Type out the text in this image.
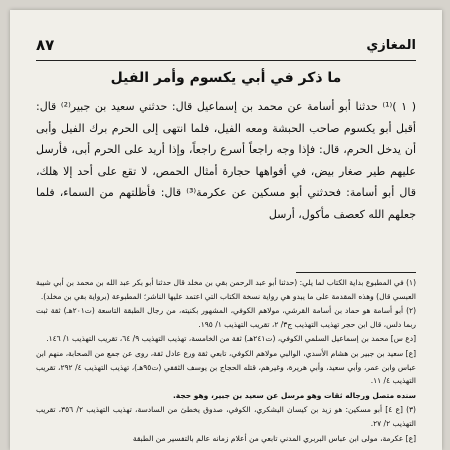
٨٧	المغازي
ما ذكر في أبي يكسوم وأمر الفيل

( ١ )⁽¹⁾ حدثنا أبو أسامة عن محمد بن إسماعيل قال: حدثني سعيد بن جبير⁽²⁾ قال: أقبل أبو يكسوم صاحب الحبشة ومعه الفيل، فلما انتهى إلى الحرم برك الفيل وأبى أن يدخل الحرم، قال: فإذا وجه راجعاً أسرع راجعاً، وإذا أريد على الحرم أبى، فأرسل عليهم طير صغار بيض، في أفواهها حجارة أمثال الحمص، لا تقع على أحد إلا هلك، قال أبو أسامة: فحدثني أبو مسكين عن عكرمة⁽³⁾ قال: فأظلتهم من السماء، فلما جعلهم الله كعصف مأكول، أرسل

(١) في المطبوع بداية الكتاب لما يلي: (حدثنا أبو عبد الرحمن بقي بن مخلد قال حدثنا أبو بكر عبد الله بن محمد بن أبي شيبة العبسي قال) وهذه المقدمة على ما يبدو هي رواية نسخة الكتاب التي اعتمد عليها الناشر؛ المطبوعة (برواية بقي بن مخلد).

(٢) أبو أسامة هو حماد بن أسامة القرشي، مولاهم الكوفي، المشهور بكنيته، من رجال الطبقة التاسعة (ت٢٠١هـ) ثقة ثبت ربما دلس، قال ابن حجر تهذيب التهذيب ج٣/ ٢، تقريب التهذيب ١/ ١٩٥.

[دع س] محمد بن إسماعيل السلمي الكوفي، (ت٢٤١هـ) ثقة من الخامسة، تهذيب التهذيب ٩/ ٦٤، تقريب التهذيب ١/ ١٤٦.

[ع] سعيد بن جبير بن هشام الأسدي، الوالبي مولاهم الكوفي، تابعي ثقة ورع عادل ثقة، روى عن جمع من الصحابة، منهم ابن عباس وابن عمر، وأبي سعيد، وأبي هريرة، وغيرهم، قتله الحجاج بن يوسف الثقفي (ت٩٥هـ)، تهذيب التهذيب ٤/ ٢٩٢، تقريب التهذيب ٤/ ١١.

سنده متصل ورجاله ثقات وهو مرسل عن سعيد بن جبير، وهو حجة.

(٣) [ع ٤] أبو مسكين: هو زيد بن كيسان اليشكري، الكوفي، صدوق يخطئ من السادسة، تهذيب التهذيب ٢/ ٣٥٦، تقريب التهذيب ٢/ ٢٧.

[ع] عكرمة، مولى ابن عباس البربري المدني تابعي من أعلام زمانه عالم بالتفسير من الطبقة
